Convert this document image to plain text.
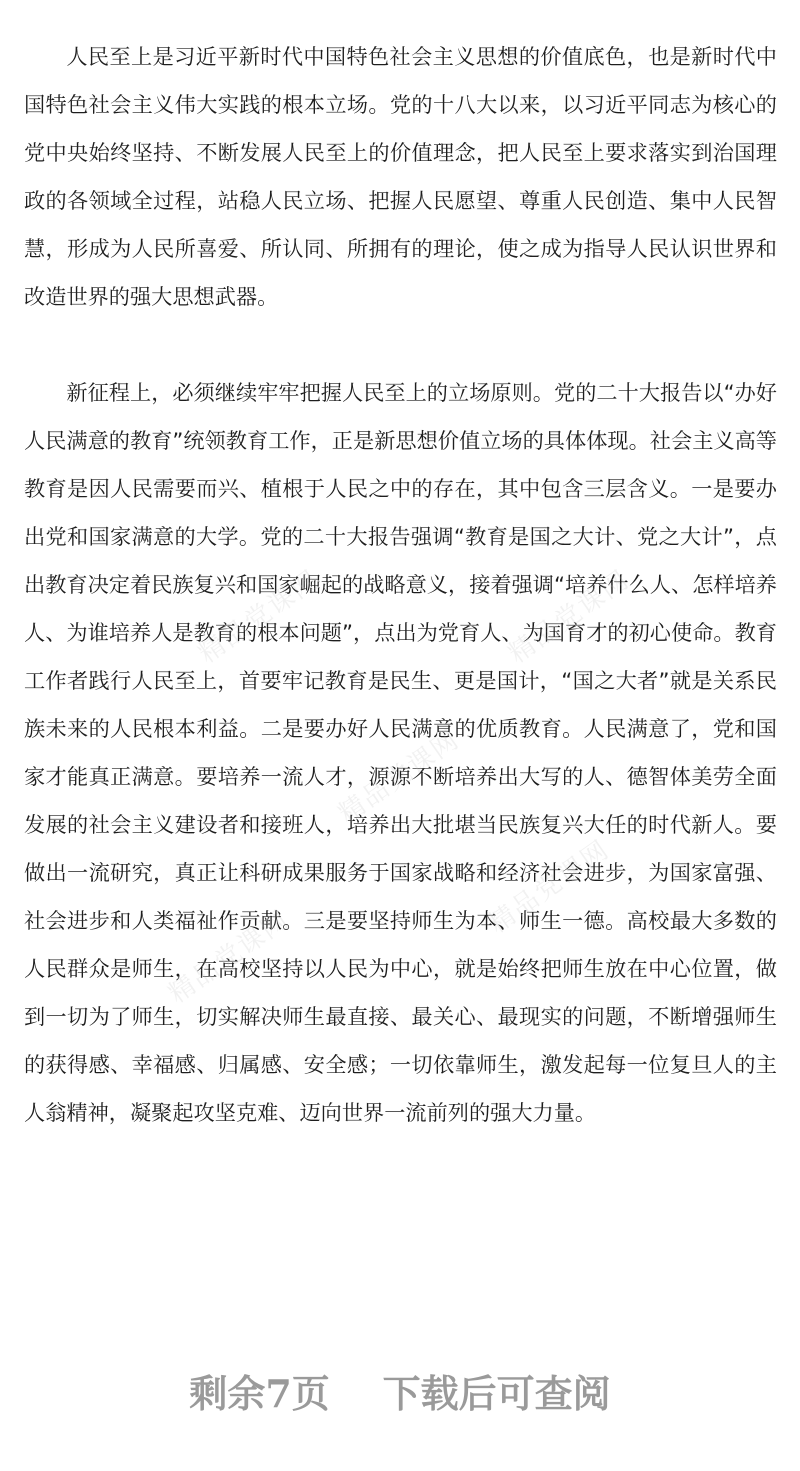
人民至上是习近平新时代中国特色社会主义思想的价值底色，也是新时代中国特色社会主义伟大实践的根本立场。党的十八大以来，以习近平同志为核心的党中央始终坚持、不断发展人民至上的价值理念，把人民至上要求落实到治国理政的各领域全过程，站稳人民立场、把握人民愿望、尊重人民创造、集中人民智慧，形成为人民所喜爱、所认同、所拥有的理论，使之成为指导人民认识世界和改造世界的强大思想武器。

新征程上，必须继续牢牢把握人民至上的立场原则。党的二十大报告以“办好人民满意的教育”统领教育工作，正是新思想价值立场的具体体现。社会主义高等教育是因人民需要而兴、植根于人民之中的存在，其中包含三层含义。一是要办出党和国家满意的大学。党的二十大报告强调“教育是国之大计、党之大计”，点出教育决定着民族复兴和国家崛起的战略意义，接着强调“培养什么人、怎样培养人、为谁培养人是教育的根本问题”，点出为党育人、为国育才的初心使命。教育工作者践行人民至上，首要牢记教育是民生、更是国计，“国之大者”就是关系民族未来的人民根本利益。二是要办好人民满意的优质教育。人民满意了，党和国家才能真正满意。要培养一流人才，源源不断培养出大写的人、德智体美劳全面发展的社会主义建设者和接班人，培养出大批堪当民族复兴大任的时代新人。要做出一流研究，真正让科研成果服务于国家战略和经济社会进步，为国家富强、社会进步和人类福祉作贡献。三是要坚持师生为本、师生一德。高校最大多数的人民群众是师生，在高校坚持以人民为中心，就是始终把师生放在中心位置，做到一切为了师生，切实解决师生最直接、最关心、最现实的问题，不断增强师生的获得感、幸福感、归属感、安全感；一切依靠师生，激发起每一位复旦人的主人翁精神，凝聚起攻坚克难、迈向世界一流前列的强大力量。

精品党课网	精品党课网
精品党课网
精品党课网
精品党课网
剩余7页    下载后可查阅
